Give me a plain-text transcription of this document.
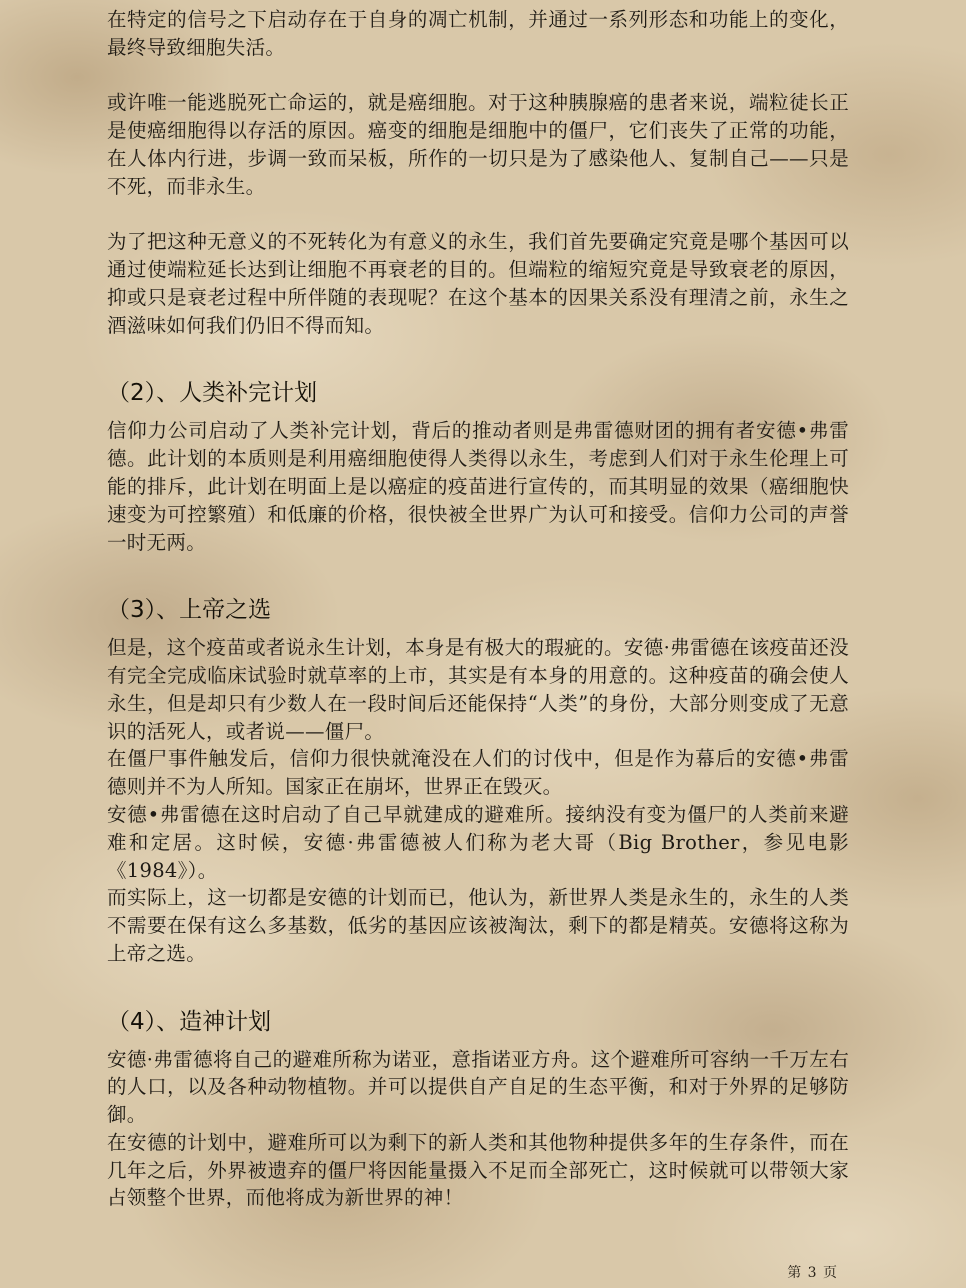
在特定的信号之下启动存在于自身的凋亡机制，并通过一系列形态和功能上的变化，最终导致细胞失活。

或许唯一能逃脱死亡命运的，就是癌细胞。对于这种胰腺癌的患者来说，端粒徒长正是使癌细胞得以存活的原因。癌变的细胞是细胞中的僵尸，它们丧失了正常的功能，在人体内行进，步调一致而呆板，所作的一切只是为了感染他人、复制自己——只是不死，而非永生。

为了把这种无意义的不死转化为有意义的永生，我们首先要确定究竟是哪个基因可以通过使端粒延长达到让细胞不再衰老的目的。但端粒的缩短究竟是导致衰老的原因，抑或只是衰老过程中所伴随的表现呢？在这个基本的因果关系没有理清之前，永生之酒滋味如何我们仍旧不得而知。

（2）、人类补完计划

信仰力公司启动了人类补完计划，背后的推动者则是弗雷德财团的拥有者安德•弗雷德。此计划的本质则是利用癌细胞使得人类得以永生，考虑到人们对于永生伦理上可能的排斥，此计划在明面上是以癌症的疫苗进行宣传的，而其明显的效果（癌细胞快速变为可控繁殖）和低廉的价格，很快被全世界广为认可和接受。信仰力公司的声誉一时无两。

（3）、上帝之选

但是，这个疫苗或者说永生计划，本身是有极大的瑕疵的。安德·弗雷德在该疫苗还没有完全完成临床试验时就草率的上市，其实是有本身的用意的。这种疫苗的确会使人永生，但是却只有少数人在一段时间后还能保持“人类”的身份，大部分则变成了无意识的活死人，或者说——僵尸。

在僵尸事件触发后，信仰力很快就淹没在人们的讨伐中，但是作为幕后的安德•弗雷德则并不为人所知。国家正在崩坏，世界正在毁灭。

安德•弗雷德在这时启动了自己早就建成的避难所。接纳没有变为僵尸的人类前来避难和定居。这时候，安德·弗雷德被人们称为老大哥（Big Brother，参见电影《1984》）。

而实际上，这一切都是安德的计划而已，他认为，新世界人类是永生的，永生的人类不需要在保有这么多基数，低劣的基因应该被淘汰，剩下的都是精英。安德将这称为上帝之选。

（4）、造神计划

安德·弗雷德将自己的避难所称为诺亚，意指诺亚方舟。这个避难所可容纳一千万左右的人口，以及各种动物植物。并可以提供自产自足的生态平衡，和对于外界的足够防御。

在安德的计划中，避难所可以为剩下的新人类和其他物种提供多年的生存条件，而在几年之后，外界被遗弃的僵尸将因能量摄入不足而全部死亡，这时候就可以带领大家占领整个世界，而他将成为新世界的神！

第 3 页
